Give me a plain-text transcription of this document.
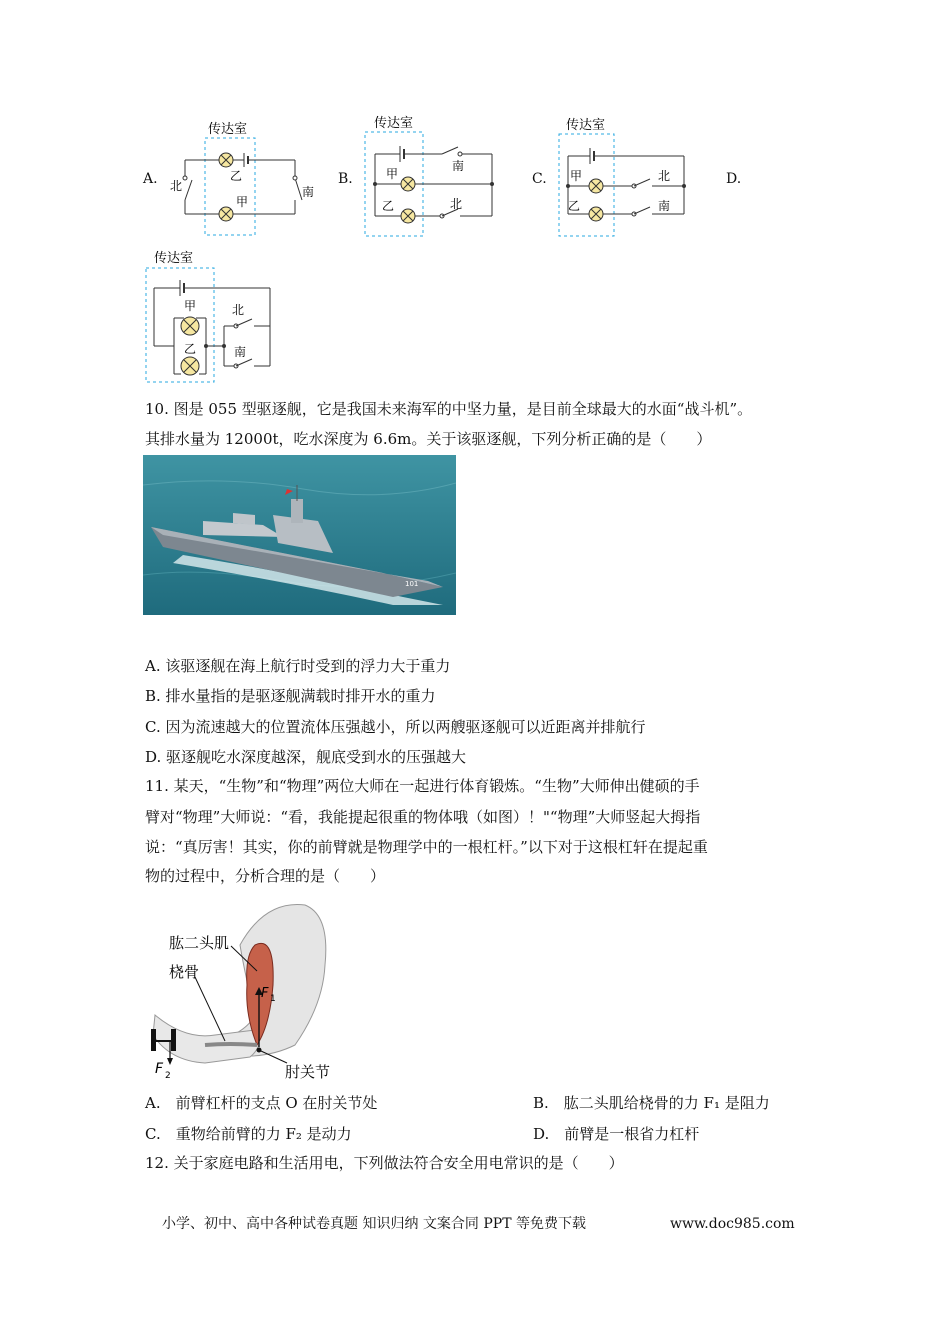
A.
传达室
乙
甲
北	南
B.
传达室
南
甲
乙	北
C.
传达室
甲	北
乙	南
D.
传达室
甲
乙
北
南
10. 图是 055 型驱逐舰，它是我国未来海军的中坚力量，是目前全球最大的水面“战斗机”。
其排水量为 12000t，吃水深度为 6.6m。关于该驱逐舰，下列分析正确的是（　　）
101
A. 该驱逐舰在海上航行时受到的浮力大于重力
B. 排水量指的是驱逐舰满载时排开水的重力
C. 因为流速越大的位置流体压强越小，所以两艘驱逐舰可以近距离并排航行
D. 驱逐舰吃水深度越深，舰底受到水的压强越大
11. 某天，“生物”和“物理”两位大师在一起进行体育锻炼。“生物”大师伸出健硕的手
臂对“物理”大师说：“看，我能提起很重的物体哦（如图）！"“物理”大师竖起大拇指
说：“真厉害！其实，你的前臂就是物理学中的一根杠杆。”以下对于这根杠轩在提起重
物的过程中，分析合理的是（　　）
肱二头肌
桡骨
肘关节
F 1
F 2
A.　前臂杠杆的支点 O 在肘关节处	B.　肱二头肌给桡骨的力 F₁ 是阻力
C.　重物给前臂的力 F₂ 是动力	D.　前臂是一根省力杠杆
12. 关于家庭电路和生活用电，下列做法符合安全用电常识的是（　　）
小学、初中、高中各种试卷真题 知识归纳 文案合同 PPT 等免费下载	www.doc985.com
